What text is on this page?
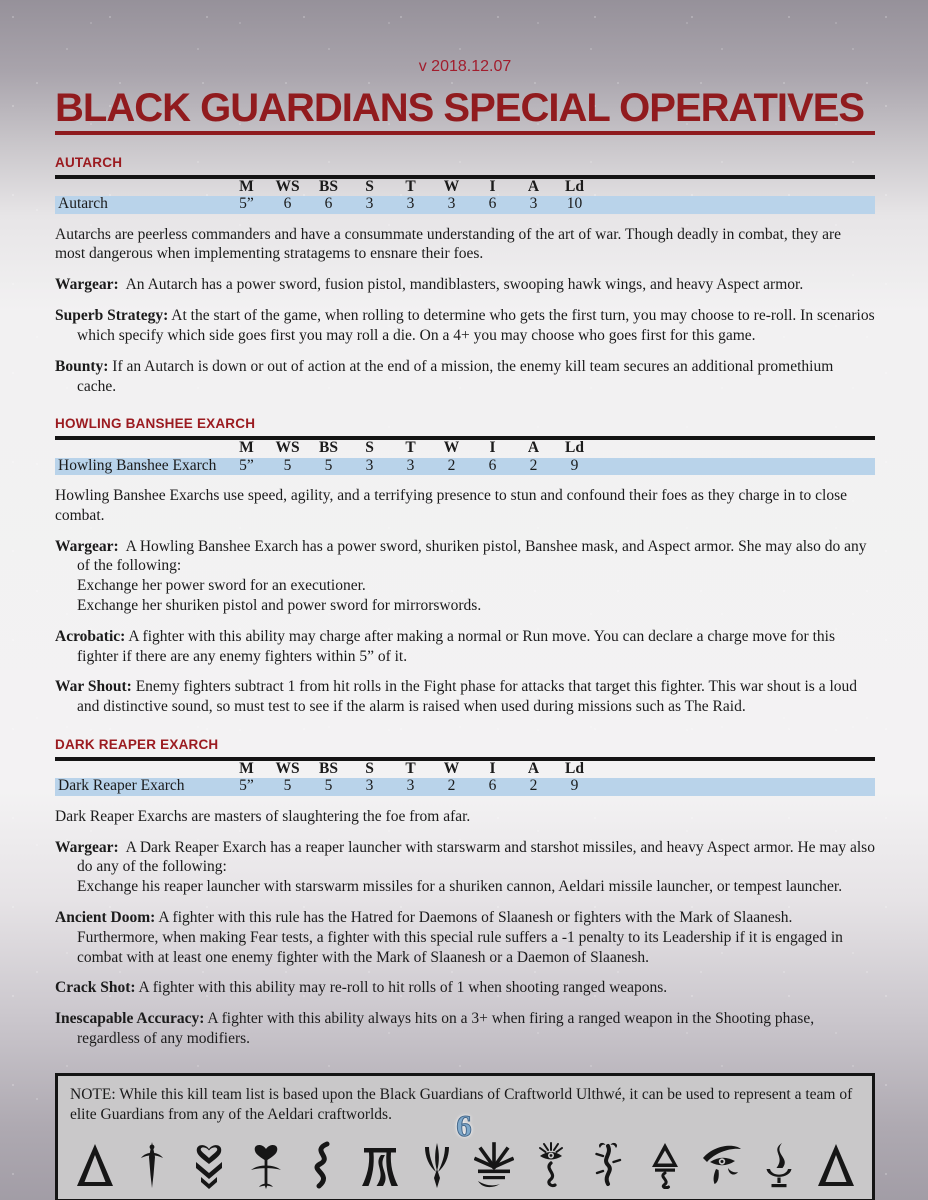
v 2018.12.07
BLACK GUARDIANS SPECIAL OPERATIVES
AUTARCH
	M	WS	BS	S	T	W	I	A	Ld	
Autarch	5”	6	6	3	3	3	6	3	10	
Autarchs are peerless commanders and have a consummate understanding of the art of war. Though deadly in combat, they are most dangerous when implementing stratagems to ensnare their foes.
Wargear: An Autarch has a power sword, fusion pistol, mandiblasters, swooping hawk wings, and heavy Aspect armor.
Superb Strategy: At the start of the game, when rolling to determine who gets the first turn, you may choose to re-roll. In scenarios which specify which side goes first you may roll a die. On a 4+ you may choose who goes first for this game.
Bounty: If an Autarch is down or out of action at the end of a mission, the enemy kill team secures an additional promethium cache.
HOWLING BANSHEE EXARCH
	M	WS	BS	S	T	W	I	A	Ld	
Howling Banshee Exarch	5”	5	5	3	3	2	6	2	9	
Howling Banshee Exarchs use speed, agility, and a terrifying presence to stun and confound their foes as they charge in to close combat.
Wargear: A Howling Banshee Exarch has a power sword, shuriken pistol, Banshee mask, and Aspect armor. She may also do any of the following:
Exchange her power sword for an executioner.
Exchange her shuriken pistol and power sword for mirrorswords.
Acrobatic: A fighter with this ability may charge after making a normal or Run move. You can declare a charge move for this fighter if there are any enemy fighters within 5” of it.
War Shout: Enemy fighters subtract 1 from hit rolls in the Fight phase for attacks that target this fighter. This war shout is a loud and distinctive sound, so must test to see if the alarm is raised when used during missions such as The Raid.
DARK REAPER EXARCH
	M	WS	BS	S	T	W	I	A	Ld	
Dark Reaper Exarch	5”	5	5	3	3	2	6	2	9	
Dark Reaper Exarchs are masters of slaughtering the foe from afar.
Wargear: A Dark Reaper Exarch has a reaper launcher with starswarm and starshot missiles, and heavy Aspect armor. He may also do any of the following:
Exchange his reaper launcher with starswarm missiles for a shuriken cannon, Aeldari missile launcher, or tempest launcher.
Ancient Doom: A fighter with this rule has the Hatred for Daemons of Slaanesh or fighters with the Mark of Slaanesh. Furthermore, when making Fear tests, a fighter with this special rule suffers a -1 penalty to its Leadership if it is engaged in combat with at least one enemy fighter with the Mark of Slaanesh or a Daemon of Slaanesh.
Crack Shot: A fighter with this ability may re-roll to hit rolls of 1 when shooting ranged weapons.
Inescapable Accuracy: A fighter with this ability always hits on a 3+ when firing a ranged weapon in the Shooting phase, regardless of any modifiers.
NOTE: While this kill team list is based upon the Black Guardians of Craftworld Ulthwé, it can be used to represent a team of elite Guardians from any of the Aeldari craftworlds.	6
